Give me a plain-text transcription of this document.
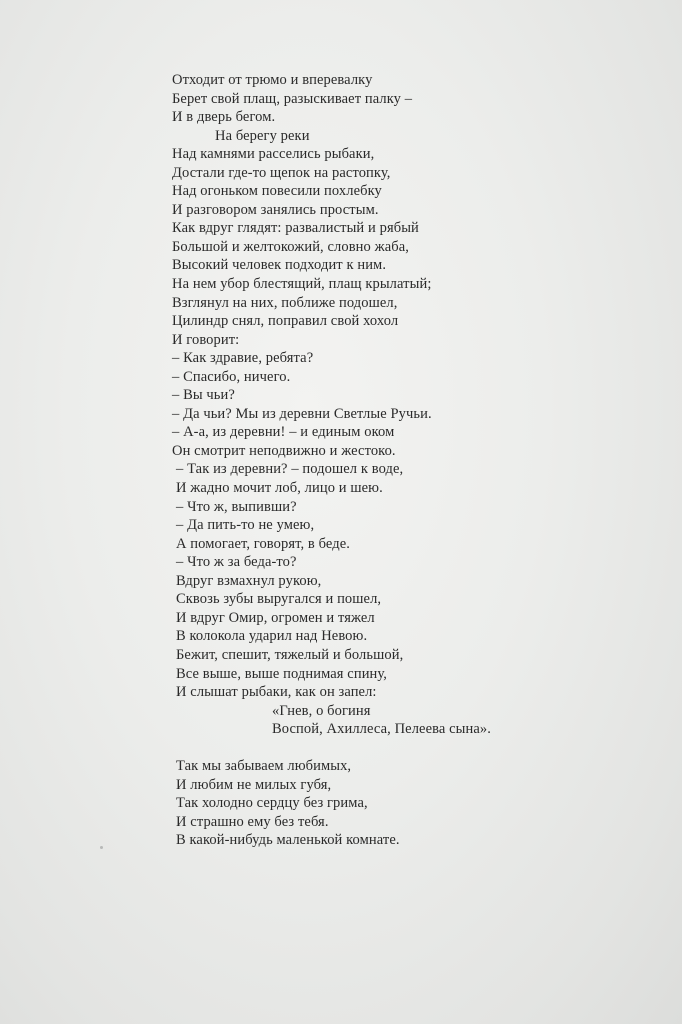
Отходит от трюмо и вперевалку
Берет свой плащ, разыскивает палку –
И в дверь бегом.
На берегу реки
Над камнями расселись рыбаки,
Достали где-то щепок на растопку,
Над огоньком повесили похлебку
И разговором занялись простым.
Как вдруг глядят: развалистый и рябый
Большой и желтокожий, словно жаба,
Высокий человек подходит к ним.
На нем убор блестящий, плащ крылатый;
Взглянул на них, поближе подошел,
Цилиндр снял, поправил свой хохол
И говорит:
– Как здравие, ребята?
– Спасибо, ничего.
– Вы чьи?
– Да чьи? Мы из деревни Светлые Ручьи.
– А-а, из деревни! – и единым оком
Он смотрит неподвижно и жестоко.
– Так из деревни? – подошел к воде,
И жадно мочит лоб, лицо и шею.
– Что ж, выпивши?
– Да пить-то не умею,
А помогает, говорят, в беде.
– Что ж за беда-то?
Вдруг взмахнул рукою,
Сквозь зубы выругался и пошел,
И вдруг Омир, огромен и тяжел
В колокола ударил над Невою.
Бежит, спешит, тяжелый и большой,
Все выше, выше поднимая спину,
И слышат рыбаки, как он запел:
«Гнев, о богиня
Воспой, Ахиллеса, Пелеева сына».
Так мы забываем любимых,
И любим не милых губя,
Так холодно сердцу без грима,
И страшно ему без тебя.
В какой-нибудь маленькой комнате.
